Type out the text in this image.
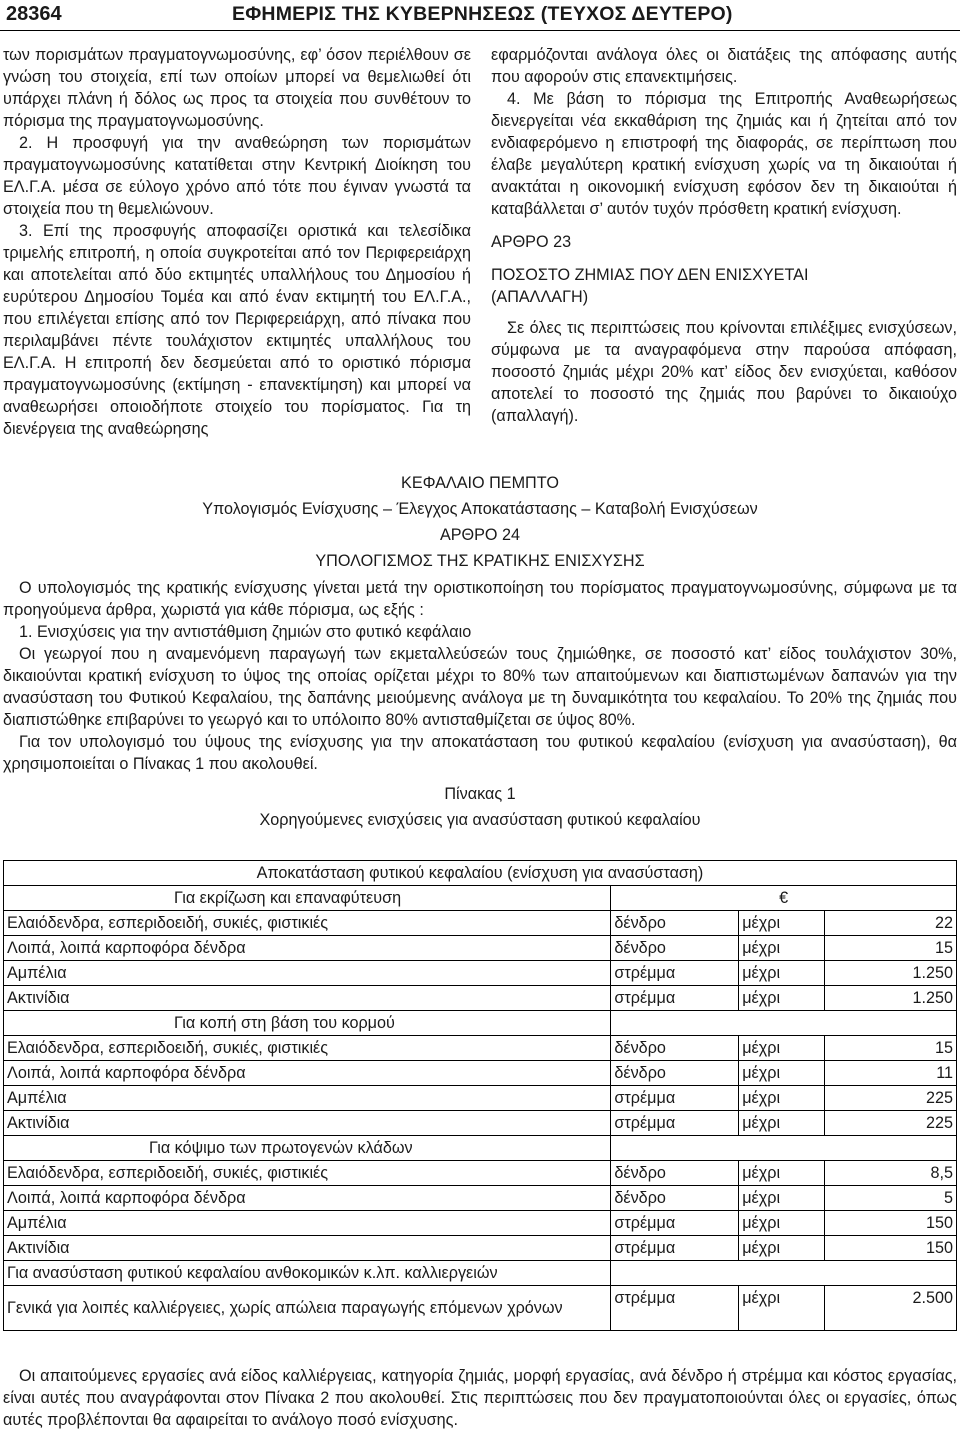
28364	ΕΦΗΜΕΡΙΣ ΤΗΣ ΚΥΒΕΡΝΗΣΕΩΣ (ΤΕΥΧΟΣ ΔΕΥΤΕΡΟ)

των πορισμάτων πραγματογνωμοσύνης, εφ’ όσον περιέλθουν σε γνώση του στοιχεία, επί των οποίων μπορεί να θεμελιωθεί ότι υπάρχει πλάνη ή δόλος ως προς τα στοιχεία που συνθέτουν το πόρισμα της πραγματογνωμοσύνης.

2. Η προσφυγή για την αναθεώρηση των πορισμάτων πραγματογνωμοσύνης κατατίθεται στην Κεντρική Διοίκηση του ΕΛ.Γ.Α. μέσα σε εύλογο χρόνο από τότε που έγιναν γνωστά τα στοιχεία που τη θεμελιώνουν.

3. Επί της προσφυγής αποφασίζει οριστικά και τελεσίδικα τριμελής επιτροπή, η οποία συγκροτείται από τον Περιφερειάρχη και αποτελείται από δύο εκτιμητές υπαλλήλους του Δημοσίου ή ευρύτερου Δημοσίου Τομέα και από έναν εκτιμητή του ΕΛ.Γ.Α., που επιλέγεται επίσης από τον Περιφερειάρχη, από πίνακα που περιλαμβάνει πέντε τουλάχιστον εκτιμητές υπαλλήλους του ΕΛ.Γ.Α. Η επιτροπή δεν δεσμεύεται από το οριστικό πόρισμα πραγματογνωμοσύνης (εκτίμηση - επανεκτίμηση) και μπορεί να αναθεωρήσει οποιοδήποτε στοιχείο του πορίσματος. Για τη διενέργεια της αναθεώρησης

εφαρμόζονται ανάλογα όλες οι διατάξεις της απόφασης αυτής που αφορούν στις επανεκτιμήσεις.

4. Με βάση το πόρισμα της Επιτροπής Αναθεωρήσεως διενεργείται νέα εκκαθάριση της ζημιάς και ή ζητείται από τον ενδιαφερόμενο η επιστροφή της διαφοράς, σε περίπτωση που έλαβε μεγαλύτερη κρατική ενίσχυση χωρίς να τη δικαιούται ή ανακτάται η οικονομική ενίσχυση εφόσον δεν τη δικαιούται ή καταβάλλεται σ’ αυτόν τυχόν πρόσθετη κρατική ενίσχυση.

ΑΡΘΡΟ 23

ΠΟΣΟΣΤΟ ΖΗΜΙΑΣ ΠΟΥ ΔΕΝ ΕΝΙΣΧΥΕΤΑΙ

(ΑΠΑΛΛΑΓΗ)

Σε όλες τις περιπτώσεις που κρίνονται επιλέξιμες ενισχύσεων, σύμφωνα με τα αναγραφόμενα στην παρούσα απόφαση, ποσοστό ζημιάς μέχρι 20% κατ’ είδος δεν ενισχύεται, καθόσον αποτελεί το ποσοστό της ζημιάς που βαρύνει το δικαιούχο (απαλλαγή).

ΚΕΦΑΛΑΙΟ ΠΕΜΠΤΟ

Υπολογισμός Ενίσχυσης – Έλεγχος Αποκατάστασης – Καταβολή Ενισχύσεων

ΑΡΘΡΟ 24

ΥΠΟΛΟΓΙΣΜΟΣ ΤΗΣ ΚΡΑΤΙΚΗΣ ΕΝΙΣΧΥΣΗΣ

Ο υπολογισμός της κρατικής ενίσχυσης γίνεται μετά την οριστικοποίηση του πορίσματος πραγματογνωμοσύνης, σύμφωνα με τα προηγούμενα άρθρα, χωριστά για κάθε πόρισμα, ως εξής :

1. Ενισχύσεις για την αντιστάθμιση ζημιών στο φυτικό κεφάλαιο

Οι γεωργοί που η αναμενόμενη παραγωγή των εκμεταλλεύσεών τους ζημιώθηκε, σε ποσοστό κατ’ είδος τουλάχιστον 30%, δικαιούνται κρατική ενίσχυση το ύψος της οποίας ορίζεται μέχρι το 80% των απαιτούμενων και διαπιστωμένων δαπανών για την ανασύσταση του Φυτικού Κεφαλαίου, της δαπάνης μειούμενης ανάλογα με τη δυναμικότητα του κεφαλαίου. Το 20% της ζημιάς που διαπιστώθηκε επιβαρύνει το γεωργό και το υπόλοιπο 80% αντισταθμίζεται σε ύψος 80%.

Για τον υπολογισμό του ύψους της ενίσχυσης για την αποκατάσταση του φυτικού κεφαλαίου (ενίσχυση για ανασύσταση), θα χρησιμοποιείται ο Πίνακας 1 που ακολουθεί.

Πίνακας 1

Χορηγούμενες ενισχύσεις για ανασύσταση φυτικού κεφαλαίου

Αποκατάσταση φυτικού κεφαλαίου (ενίσχυση για ανασύσταση)			
Για εκρίζωση και επαναφύτευση	€		
Ελαιόδενδρα, εσπεριδοειδή, συκιές, φιστικιές	δένδρο	μέχρι	22
Λοιπά, λοιπά καρποφόρα δένδρα	δένδρο	μέχρι	15
Αμπέλια	στρέμμα	μέχρι	1.250
Ακτινίδια	στρέμμα	μέχρι	1.250
Για κοπή στη βάση του κορμού			
Ελαιόδενδρα, εσπεριδοειδή, συκιές, φιστικιές	δένδρο	μέχρι	15
Λοιπά, λοιπά καρποφόρα δένδρα	δένδρο	μέχρι	11
Αμπέλια	στρέμμα	μέχρι	225
Ακτινίδια	στρέμμα	μέχρι	225
Για κόψιμο των πρωτογενών κλάδων			
Ελαιόδενδρα, εσπεριδοειδή, συκιές, φιστικιές	δένδρο	μέχρι	8,5
Λοιπά, λοιπά καρποφόρα δένδρα	δένδρο	μέχρι	5
Αμπέλια	στρέμμα	μέχρι	150
Ακτινίδια	στρέμμα	μέχρι	150
Για ανασύσταση φυτικού κεφαλαίου ανθοκομικών κ.λπ. καλλιεργειών			
Γενικά για λοιπές καλλιέργειες, χωρίς απώλεια παραγωγής επόμενων χρόνων	στρέμμα	μέχρι	2.500

Οι απαιτούμενες εργασίες ανά είδος καλλιέργειας, κατηγορία ζημιάς, μορφή εργασίας, ανά δένδρο ή στρέμμα και κόστος εργασίας, είναι αυτές που αναγράφονται στον Πίνακα 2 που ακολουθεί. Στις περιπτώσεις που δεν πραγματοποιούνται όλες οι εργασίες, όπως αυτές προβλέπονται θα αφαιρείται το ανάλογο ποσό ενίσχυσης.
